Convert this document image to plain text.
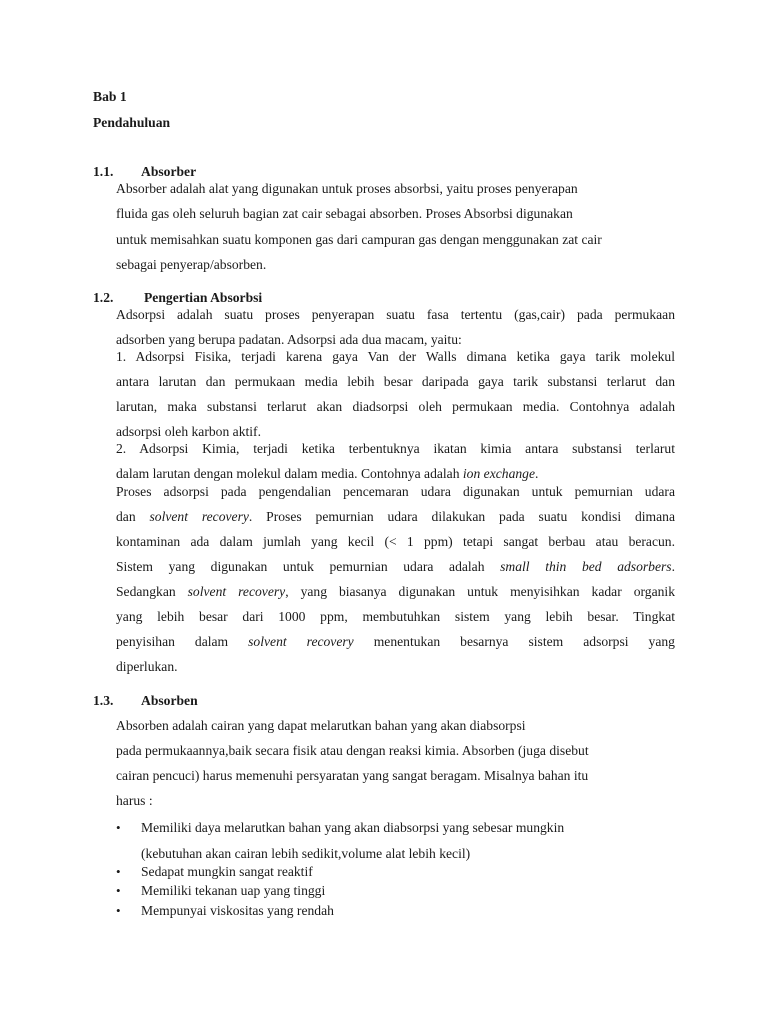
Bab 1
Pendahuluan
1.1. Absorber
Absorber adalah alat yang digunakan untuk proses absorbsi, yaitu proses penyerapan
fluida gas oleh seluruh bagian zat cair sebagai absorben. Proses Absorbsi digunakan
untuk memisahkan suatu komponen gas dari campuran gas dengan menggunakan zat cair
sebagai penyerap/absorben.
1.2. Pengertian Absorbsi
Adsorpsi adalah suatu proses penyerapan suatu fasa tertentu (gas,cair) pada permukaan
adsorben yang berupa padatan. Adsorpsi ada dua macam, yaitu:
1. Adsorpsi Fisika, terjadi karena gaya Van der Walls dimana ketika gaya tarik molekul
antara larutan dan permukaan media lebih besar daripada gaya tarik substansi terlarut dan
larutan, maka substansi terlarut akan diadsorpsi oleh permukaan media. Contohnya adalah
adsorpsi oleh karbon aktif.
2. Adsorpsi Kimia, terjadi ketika terbentuknya ikatan kimia antara substansi terlarut
dalam larutan dengan molekul dalam media. Contohnya adalah ion exchange.
Proses adsorpsi pada pengendalian pencemaran udara digunakan untuk pemurnian udara
dan solvent recovery. Proses pemurnian udara dilakukan pada suatu kondisi dimana
kontaminan ada dalam jumlah yang kecil (< 1 ppm) tetapi sangat berbau atau beracun.
Sistem yang digunakan untuk pemurnian udara adalah small thin bed adsorbers.
Sedangkan solvent recovery, yang biasanya digunakan untuk menyisihkan kadar organik
yang lebih besar dari 1000 ppm, membutuhkan sistem yang lebih besar. Tingkat
penyisihan dalam solvent recovery menentukan besarnya sistem adsorpsi yang
diperlukan.
1.3. Absorben
Absorben adalah cairan yang dapat melarutkan bahan yang akan diabsorpsi
pada permukaannya,baik secara fisik atau dengan reaksi kimia. Absorben (juga disebut
cairan pencuci) harus memenuhi persyaratan yang sangat beragam. Misalnya bahan itu
harus :
• Memiliki daya melarutkan bahan yang akan diabsorpsi yang sebesar mungkin
(kebutuhan akan cairan lebih sedikit,volume alat lebih kecil)
• Sedapat mungkin sangat reaktif
• Memiliki tekanan uap yang tinggi
• Mempunyai viskositas yang rendah
